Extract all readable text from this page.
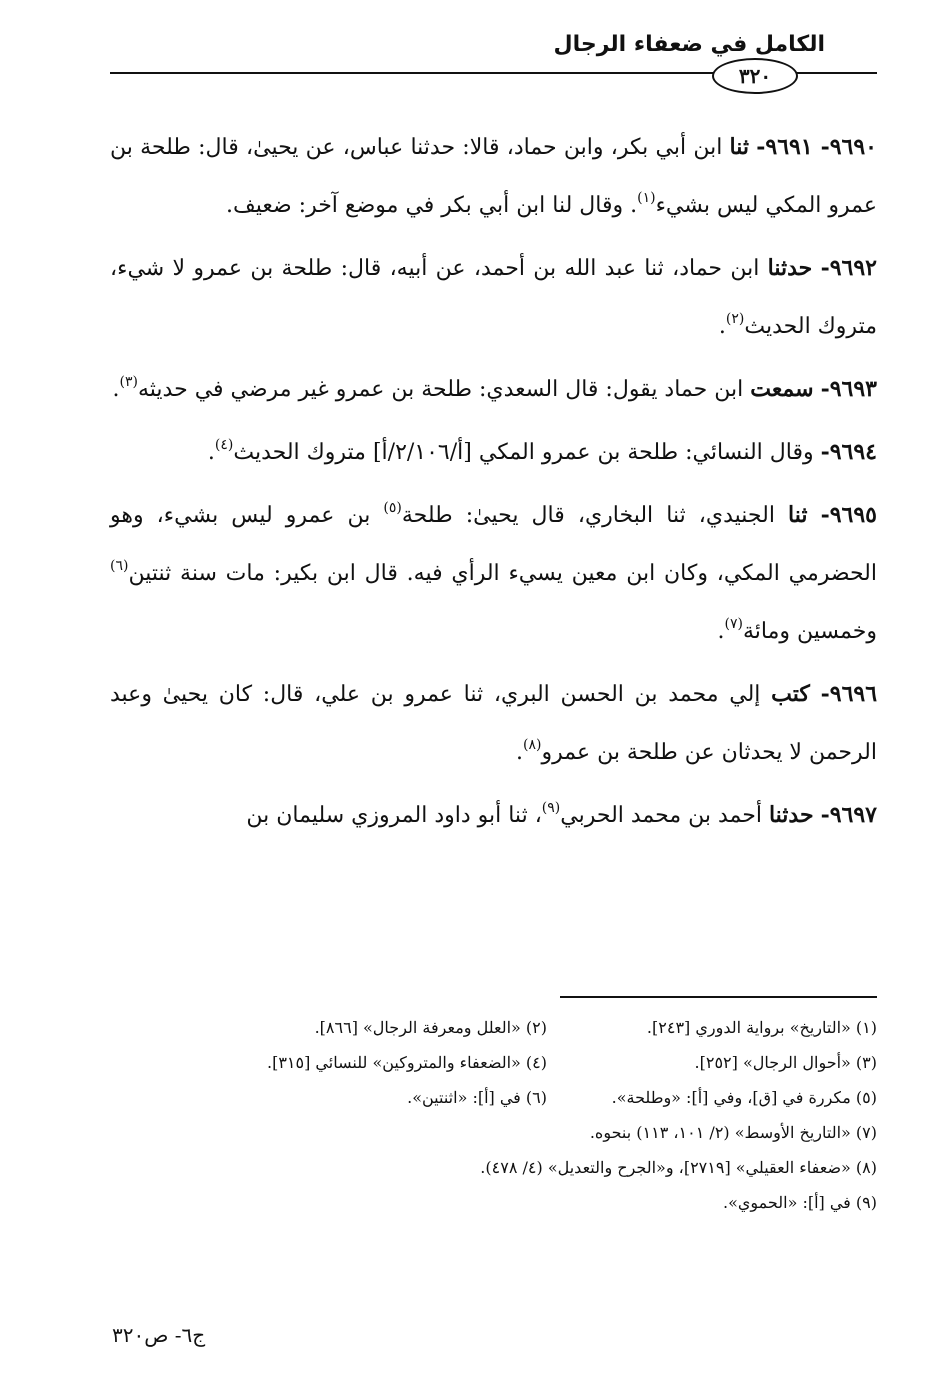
الكامل في ضعفاء الرجال
٣٢٠

٩٦٩٠- ٩٦٩١- ثنا ابن أبي بكر، وابن حماد، قالا: حدثنا عباس، عن يحيىٰ، قال: طلحة بن عمرو المكي ليس بشيء$^{(١)}$. وقال لنا ابن أبي بكر في موضع آخر: ضعيف.

٩٦٩٢- حدثنا ابن حماد، ثنا عبد الله بن أحمد، عن أبيه، قال: طلحة بن عمرو لا شيء، متروك الحديث$^{(٢)}$.

٩٦٩٣- سمعت ابن حماد يقول: قال السعدي: طلحة بن عمرو غير مرضي في حديثه$^{(٣)}$.

٩٦٩٤- وقال النسائي: طلحة بن عمرو المكي [أ/٢/١٠٦/أ] متروك الحديث$^{(٤)}$.

٩٦٩٥- ثنا الجنيدي، ثنا البخاري، قال يحيىٰ: طلحة$^{(٥)}$ بن عمرو ليس بشيء، وهو الحضرمي المكي، وكان ابن معين يسيء الرأي فيه. قال ابن بكير: مات سنة ثنتين$^{(٦)}$ وخمسين ومائة$^{(٧)}$.

٩٦٩٦- كتب إلي محمد بن الحسن البري، ثنا عمرو بن علي، قال: كان يحيىٰ وعبد الرحمن لا يحدثان عن طلحة بن عمرو$^{(٨)}$.

٩٦٩٧- حدثنا أحمد بن محمد الحربي$^{(٩)}$، ثنا أبو داود المروزي سليمان بن

(١) «التاريخ» برواية الدوري [٢٤٣].
(٢) «العلل ومعرفة الرجال» [٨٦٦].
(٣) «أحوال الرجال» [٢٥٢].
(٤) «الضعفاء والمتروكين» للنسائي [٣١٥].
(٥) مكررة في [ق]، وفي [أ]: «وطلحة».
(٦) في [أ]: «اثنتين».
(٧) «التاريخ الأوسط» (٢/ ١٠١، ١١٣) بنحوه.
(٨) «ضعفاء العقيلي» [٢٧١٩]، و«الجرح والتعديل» (٤/ ٤٧٨).
(٩) في [أ]: «الحموي».
ج٦- ص٣٢٠
